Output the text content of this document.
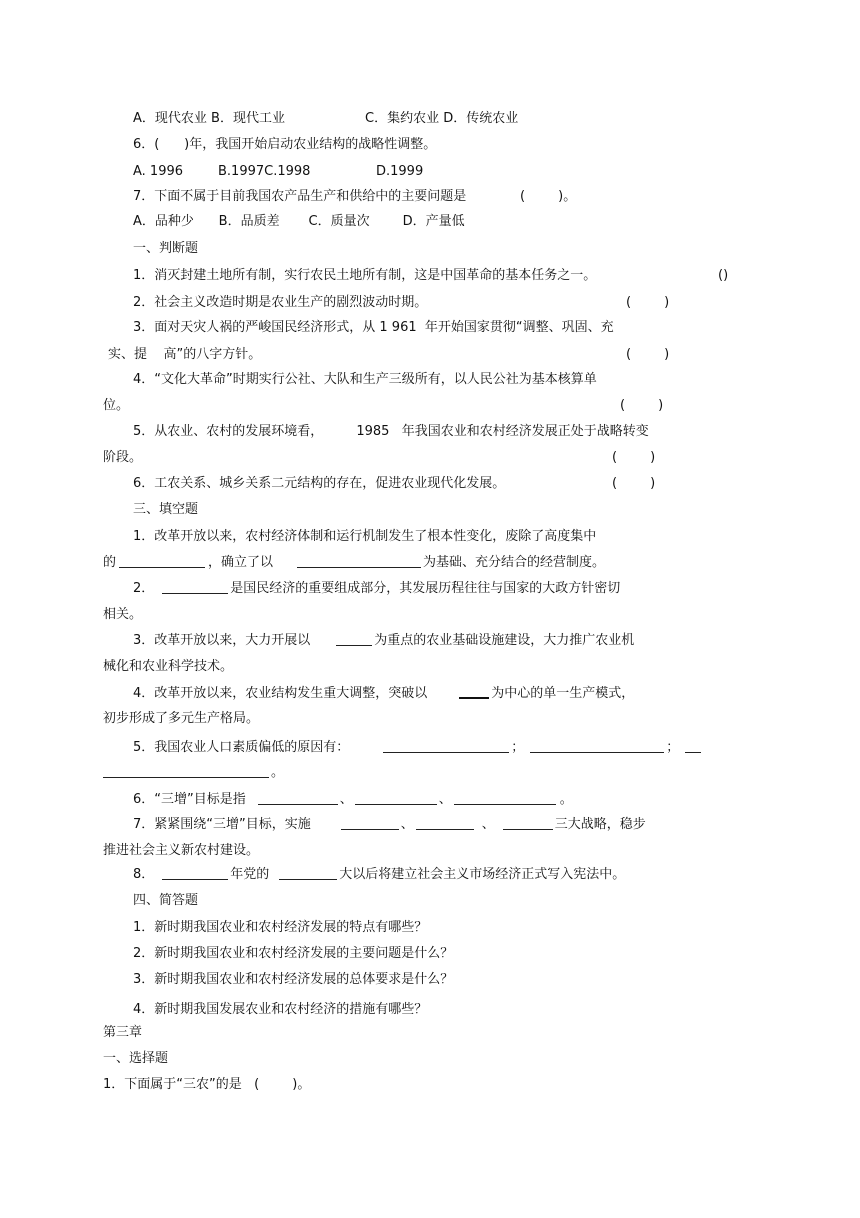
A．现代农业 B．现代工业	C．集约农业 D．传统农业
6．(      )年，我国开始启动农业结构的战略性调整。
A. 1996	B.1997C.1998	D.1999
7．下面不属于目前我国农产品生产和供给中的主要问题是	(        )。
A．品种少      B．品质差       C．质量次        D．产量低
一、判断题
1．消灭封建土地所有制，实行农民土地所有制，这是中国革命的基本任务之一。	()
2．社会主义改造时期是农业生产的剧烈波动时期。	(        )
3．面对天灾人祸的严峻国民经济形式，从 1 961  年开始国家贯彻“调整、巩固、充
实、提    高”的八字方针。	(        )
4．“文化大革命”时期实行公社、大队和生产三级所有，以人民公社为基本核算单
位。	(        )
5．从农业、农村的发展环境看，        1985   年我国农业和农村经济发展正处于战略转变
阶段。	(        )
6．工农关系、城乡关系二元结构的存在，促进农业现代化发展。	(        )
三、填空题
1．改革开放以来，农村经济体制和运行机制发生了根本性变化，废除了高度集中
的	，确立了以	为基础、充分结合的经营制度。
2．	是国民经济的重要组成部分，其发展历程往往与国家的大政方针密切
相关。
3．改革开放以来，大力开展以	为重点的农业基础设施建设，大力推广农业机
械化和农业科学技术。
4．改革开放以来，农业结构发生重大调整，突破以	为中心的单一生产模式，
初步形成了多元生产格局。
5．我国农业人口素质偏低的原因有：	；	；
。
6．“三增”目标是指	、	、	。
7．紧紧围绕“三增”目标，实施	、	、	三大战略，稳步
推进社会主义新农村建设。
8．	年党的	大以后将建立社会主义市场经济正式写入宪法中。
四、简答题
1．新时期我国农业和农村经济发展的特点有哪些？
2．新时期我国农业和农村经济发展的主要问题是什么？
3．新时期我国农业和农村经济发展的总体要求是什么？
4．新时期我国发展农业和农村经济的措施有哪些？
第三章
一、选择题
1．下面属于“三农”的是   (        )。
